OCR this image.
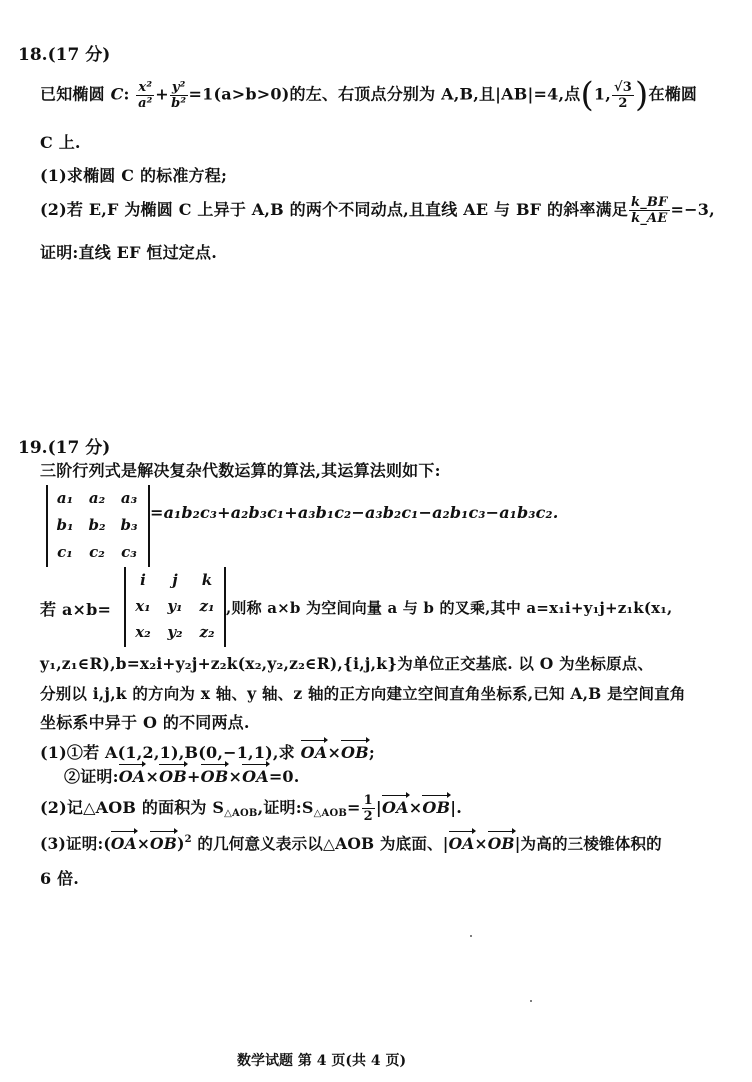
18.(17 分)
已知椭圆 C: $\frac{\text{x²}}{\text{a²}} + \frac{\text{y²}}{\text{b²}} =1(a>b>0)$的左、右顶点分别为 A,B,且|AB|=4,点(1, $\frac{√3}{2}$ )在椭圆
C 上.
(1)求椭圆 C 的标准方程;
(2)若 E,F 为椭圆 C 上异于 A,B 的两个不同动点,且直线 AE 与 BF 的斜率满足 $\frac{k\_BF}{k\_AE} =-3$,
证明:直线 EF 恒过定点.
19.(17 分)
三阶行列式是解决复杂代数运算的算法,其运算法则如下:
a₁	a₂	a₃
b₁ b₂ b₃
c₁	c₂	c₃
=a₁b₂c₃+a₂b₃c₁+a₃b₁c₂−a₃b₂c₁−a₂b₁c₃−a₁b₃c₂.
若 a×b=
i	j	k
x₁	y₁	z₁
x₂	y₂	z₂
,则称 a×b 为空间向量 a 与 b 的叉乘,其中 a=x₁i+y₁j+z₁k(x₁,
y₁,z₁∈R),b=x₂i+y₂j+z₂k(x₂,y₂,z₂∈R),{i,j,k}为单位正交基底. 以 O 为坐标原点、
分别以 i,j,k 的方向为 x 轴、y 轴、z 轴的正方向建立空间直角坐标系,已知 A,B 是空间直角
坐标系中异于 O 的不同两点.
(1)①若 A(1,2,1),B(0,−1,1),求 OA×OB;
②证明:OA×OB+OB×OA=0.
(2)记△AOB 的面积为 $S_{\triangle AOB}$,证明$:S_{\triangle AOB}= \frac{1}{2} |OA\times OB|$.
(3)证明$:(OA\times OB)^2$ 的几何意义表示以△AOB 为底面、|OA×OB|为高的三棱锥体积的
6 倍.
数学试题 第 4 页(共 4 页)
